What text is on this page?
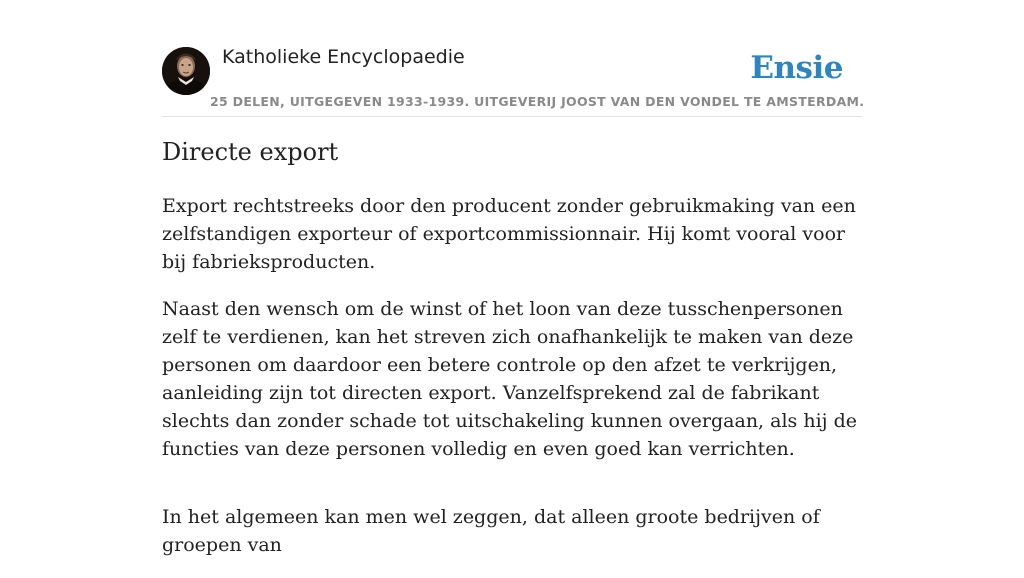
Katholieke Encyclopaedie
25 DELEN, UITGEGEVEN 1933-1939. UITGEVERIJ JOOST VAN DEN VONDEL TE AMSTERDAM.
Ensie
Directe export

Export rechtstreeks door den producent zonder gebruikmaking van een zelfstandigen exporteur of exportcommissionnair. Hij komt vooral voor bij fabrieksproducten.

Naast den wensch om de winst of het loon van deze tusschenpersonen zelf te verdienen, kan het streven zich onafhankelijk te maken van deze personen om daardoor een betere controle op den afzet te verkrijgen, aanleiding zijn tot directen export. Vanzelfsprekend zal de fabrikant slechts dan zonder schade tot uitschakeling kunnen overgaan, als hij de functies van deze personen volledig en even goed kan verrichten.

In het algemeen kan men wel zeggen, dat alleen groote bedrijven of groepen van
